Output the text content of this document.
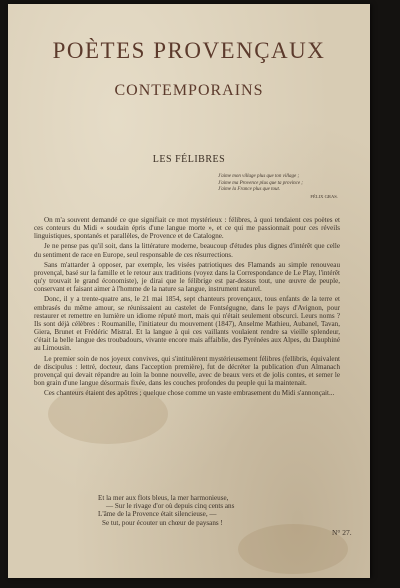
POÈTES PROVENÇAUX
CONTEMPORAINS
LES FÉLIBRES
J'aime mon village plus que ton village ;
J'aime ma Provence plus que ta province ;
J'aime la France plus que tout.
FÉLIX GRAS.

On m'a souvent demandé ce que signifiait ce mot mystérieux : félibres, à quoi tendaient ces poètes et ces conteurs du Midi « soudain épris d'une langue morte », et ce qui me passionnait pour ces réveils linguistiques, spontanés et parallèles, de Provence et de Catalogne.

Je ne pense pas qu'il soit, dans la littérature moderne, beaucoup d'études plus dignes d'intérêt que celle du sentiment de race en Europe, seul responsable de ces résurrections.

Sans m'attarder à opposer, par exemple, les visées patriotiques des Flamands au simple renouveau provençal, basé sur la famille et le retour aux traditions (voyez dans la Correspondance de Le Play, l'intérêt qu'y trouvait le grand économiste), je dirai que le félibrige est par-dessus tout, une œuvre de peuple, conservant et faisant aimer à l'homme de la nature sa langue, instrument naturel.

Donc, il y a trente-quatre ans, le 21 mai 1854, sept chanteurs provençaux, tous enfants de la terre et embrasés du même amour, se réunissaient au castelet de Fontségugne, dans le pays d'Avignon, pour restaurer et remettre en lumière un idiome réputé mort, mais qui n'était seulement obscurci. Leurs noms ? Ils sont déjà célèbres : Roumanille, l'initiateur du mouvement (1847), Anselme Mathieu, Aubanel, Tavan, Giera, Brunet et Frédéric Mistral. Et la langue à qui ces vaillants voulaient rendre sa vieille splendeur, c'était la belle langue des troubadours, vivante encore mais affaiblie, des Pyrénées aux Alpes, du Dauphiné au Limousin.

Le premier soin de nos joyeux convives, qui s'intitulèrent mystérieusement félibres (fellibris, équivalent de discipulus : lettré, docteur, dans l'acception première), fut de décréter la publication d'un Almanach provençal qui devait répandre au loin la bonne nouvelle, avec de beaux vers et de jolis contes, et semer le bon grain d'une langue désormais fixée, dans les couches profondes du peuple qui la maintenait.

Ces chanteurs étaient des apôtres ; quelque chose comme un vaste embrasement du Midi s'annonçait...

Et la mer aux flots bleus, la mer harmonieuse,
— Sur le rivage d'or où depuis cinq cents ans
L'âme de la Provence était silencieuse, —
Se tut, pour écouter un chœur de paysans !
N° 27.
